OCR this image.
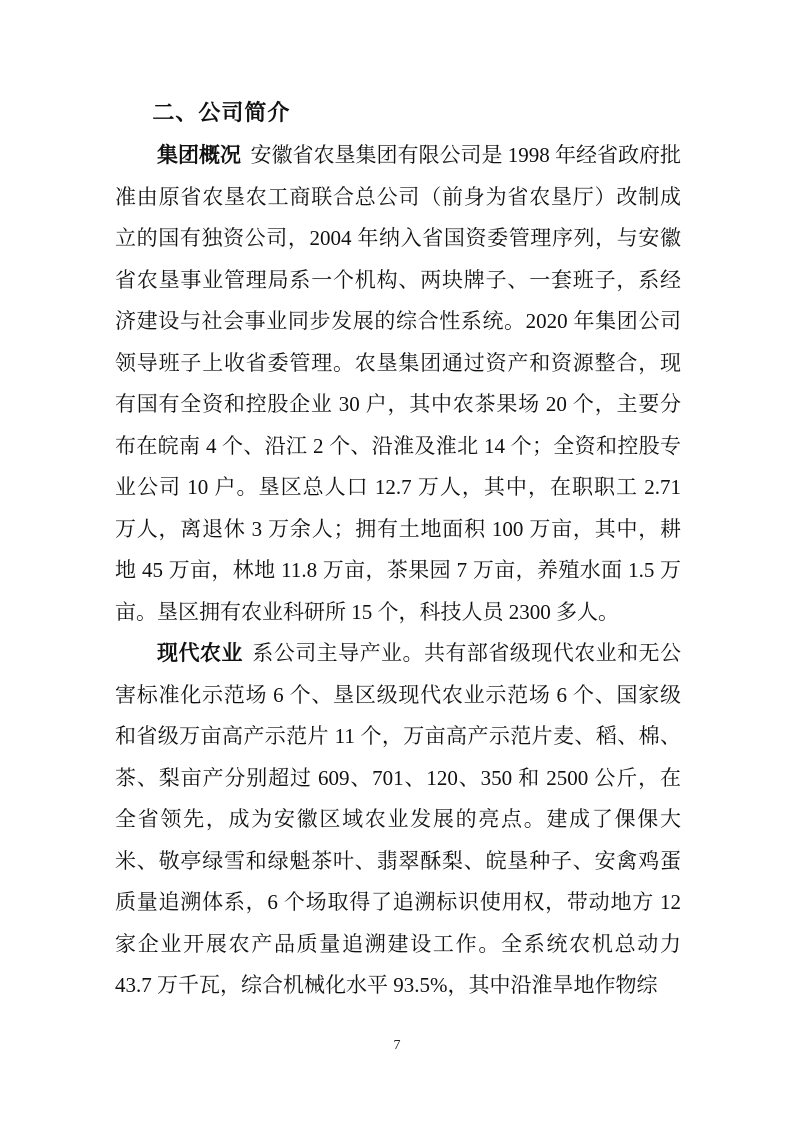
二、公司简介

集团概况 安徽省农垦集团有限公司是 1998 年经省政府批准由原省农垦农工商联合总公司（前身为省农垦厅）改制成立的国有独资公司，2004 年纳入省国资委管理序列，与安徽省农垦事业管理局系一个机构、两块牌子、一套班子，系经济建设与社会事业同步发展的综合性系统。2020 年集团公司领导班子上收省委管理。农垦集团通过资产和资源整合，现有国有全资和控股企业 30 户，其中农茶果场 20 个，主要分布在皖南 4 个、沿江 2 个、沿淮及淮北 14 个；全资和控股专业公司 10 户。垦区总人口 12.7 万人，其中，在职职工 2.71 万人，离退休 3 万余人；拥有土地面积 100 万亩，其中，耕地 45 万亩，林地 11.8 万亩，茶果园 7 万亩，养殖水面 1.5 万亩。垦区拥有农业科研所 15 个，科技人员 2300 多人。

现代农业 系公司主导产业。共有部省级现代农业和无公害标准化示范场 6 个、垦区级现代农业示范场 6 个、国家级和省级万亩高产示范片 11 个，万亩高产示范片麦、稻、棉、茶、梨亩产分别超过 609、701、120、350 和 2500 公斤，在全省领先，成为安徽区域农业发展的亮点。建成了倮倮大米、敬亭绿雪和绿魁茶叶、翡翠酥梨、皖垦种子、安禽鸡蛋质量追溯体系，6 个场取得了追溯标识使用权，带动地方 12 家企业开展农产品质量追溯建设工作。全系统农机总动力 43.7 万千瓦，综合机械化水平 93.5%，其中沿淮旱地作物综

7
